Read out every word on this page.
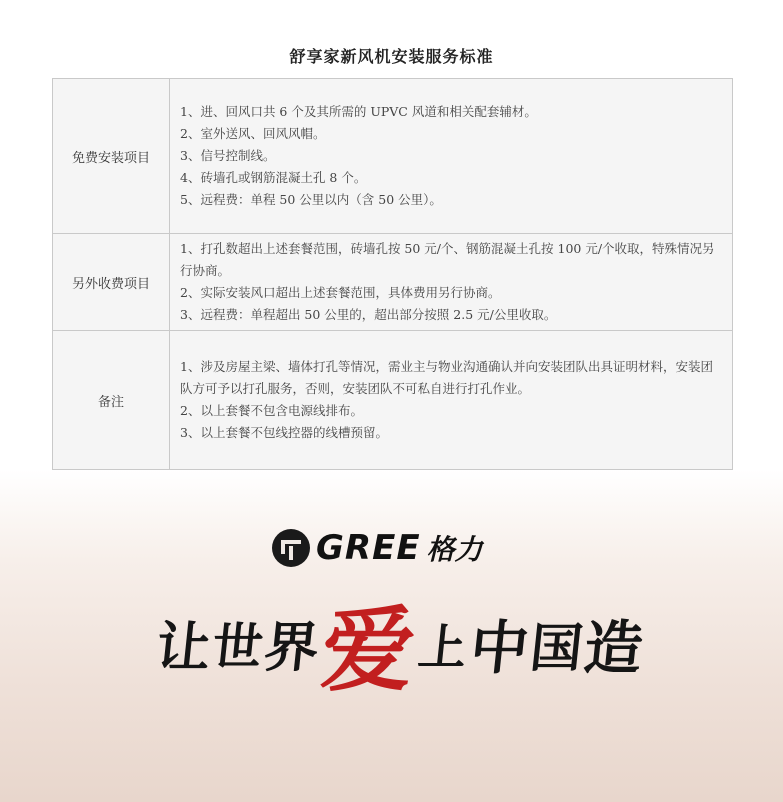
舒享家新风机安装服务标准
免费安装项目	1、进、回风口共 6 个及其所需的 UPVC 风道和相关配套辅材。
2、室外送风、回风风帽。
3、信号控制线。
4、砖墙孔或钢筋混凝土孔 8 个。
5、远程费：单程 50 公里以内（含 50 公里）。

另外收费项目	1、打孔数超出上述套餐范围，砖墙孔按 50 元/个、钢筋混凝土孔按 100 元/个收取，特殊情况另行协商。
2、实际安装风口超出上述套餐范围，具体费用另行协商。
3、远程费：单程超出 50 公里的，超出部分按照 2.5 元/公里收取。

备注	1、涉及房屋主梁、墙体打孔等情况，需业主与物业沟通确认并向安装团队出具证明材料，安装团队方可予以打孔服务，否则，安装团队不可私自进行打孔作业。
2、以上套餐不包含电源线排布。
3、以上套餐不包线控器的线槽预留。
GREE 格力
让
世
界
爱
上
中
国
造
